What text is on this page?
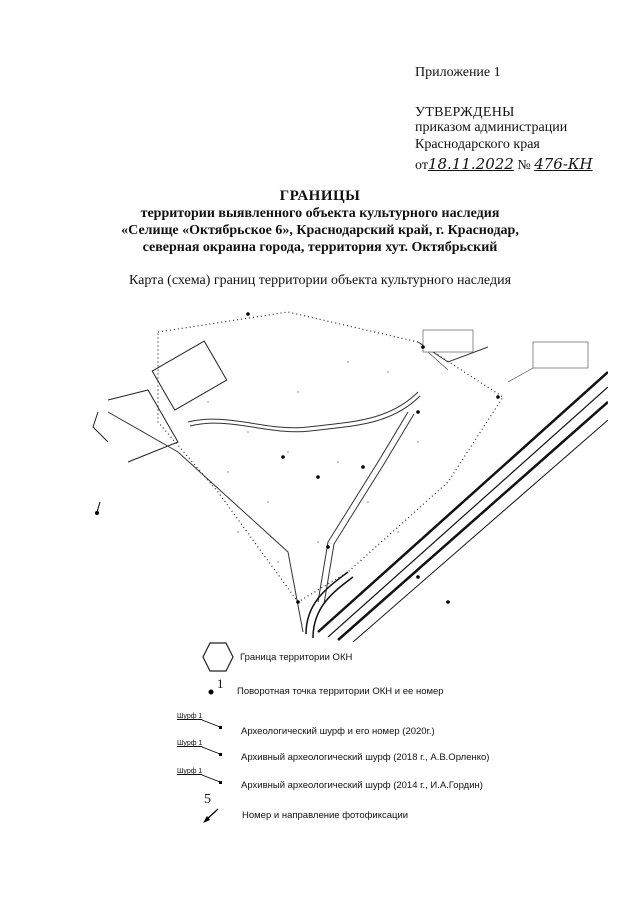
Приложение 1
УТВЕРЖДЕНЫ
приказом администрации
Краснодарского края
от18.11.2022 № 476-КН
ГРАНИЦЫ
территории выявленного объекта культурного наследия
«Селище «Октябрьское 6», Краснодарский край, г. Краснодар,
северная окраина города, территория хут. Октябрьский
Карта (схема) границ территории объекта культурного наследия
Граница территории ОКН
1
Поворотная точка территории ОКН и ее номер
Шурф 1
Археологический шурф и его номер (2020г.)
Шурф 1
Архивный археологический шурф (2018 г., А.В.Орленко)
Шурф 1
Архивный археологический шурф (2014 г., И.А.Гордин)
5
Номер и направление фотофиксации
